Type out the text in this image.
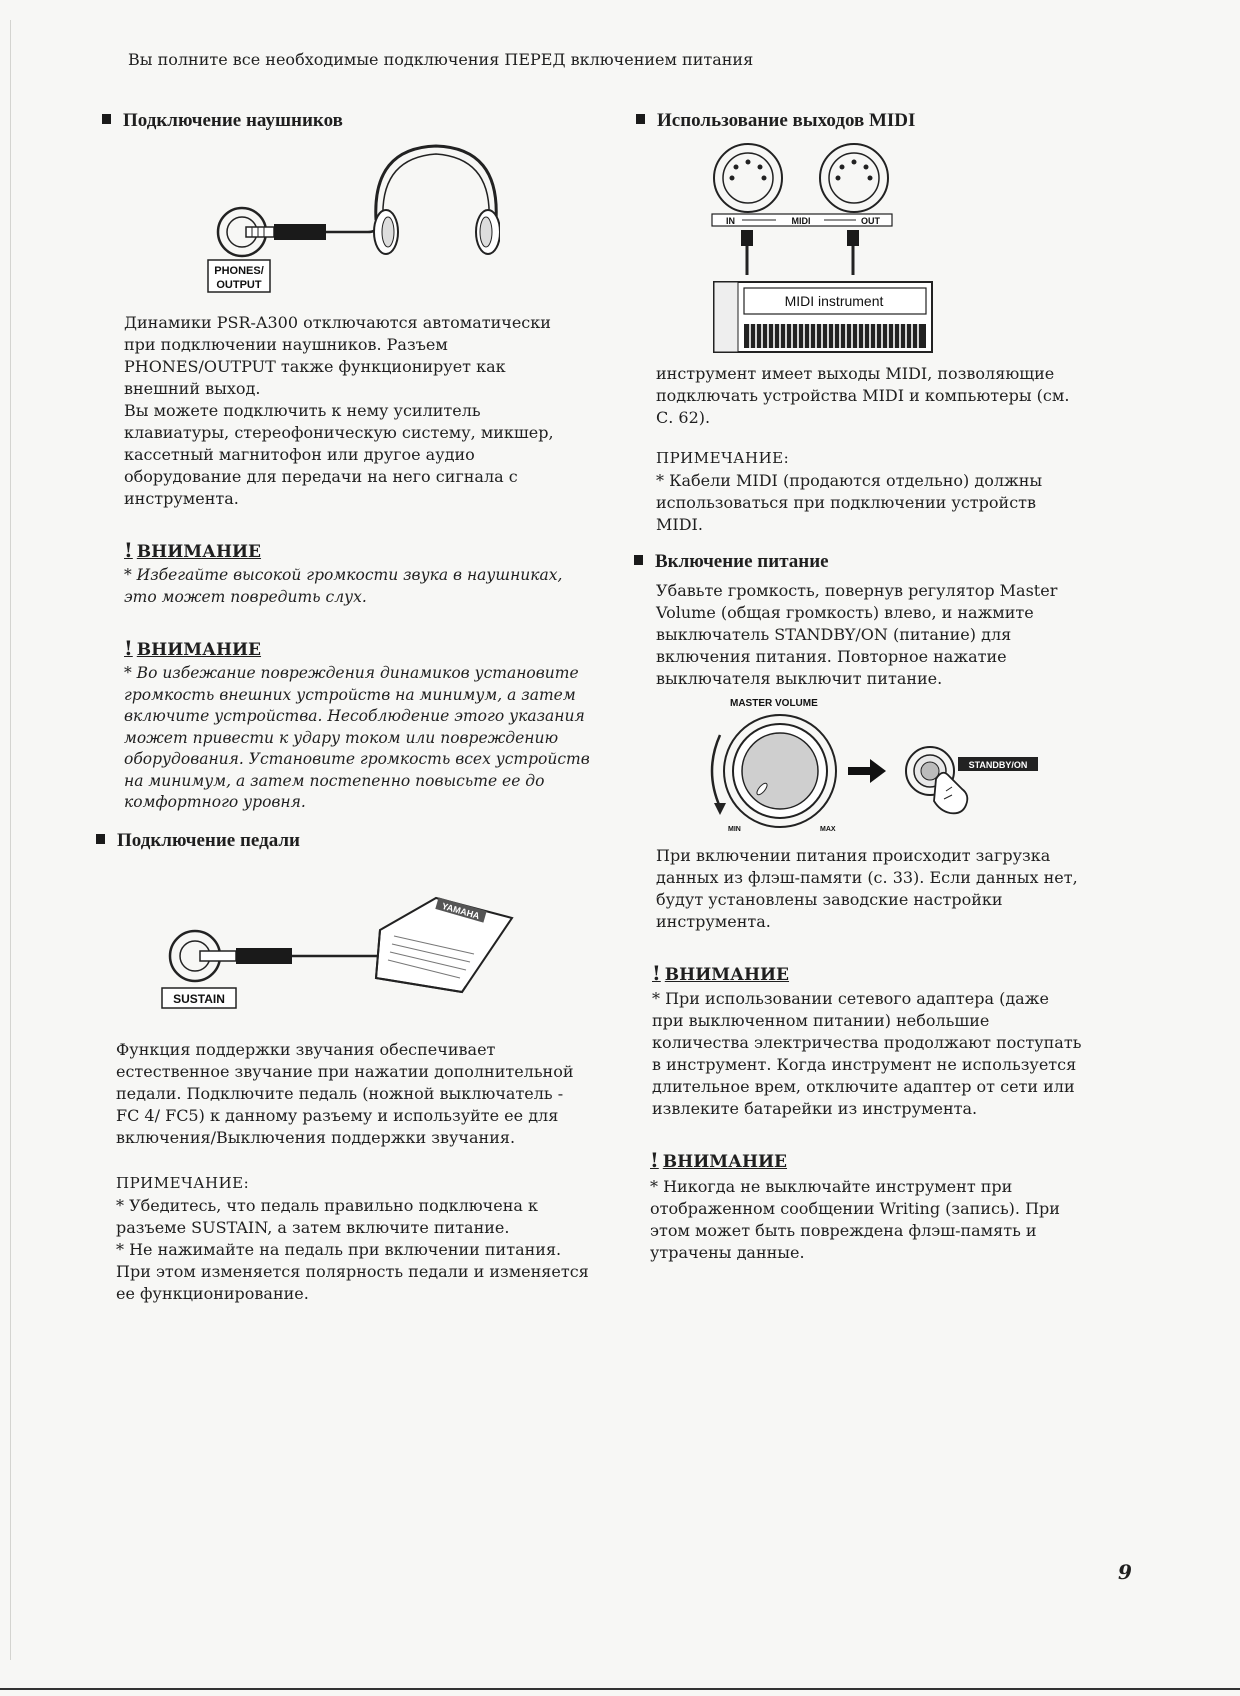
Вы полните все необходимые подключения ПЕРЕД включением питания
Подключение наушников
PHONES/
OUTPUT
Динамики PSR-A300 отключаются автоматически
при подключении наушников. Разъем
PHONES/OUTPUT также функционирует как
внешний выход.
Вы можете подключить к нему усилитель
клавиатуры, стереофоническую систему, микшер,
кассетный магнитофон или другое аудио
оборудование для передачи на него сигнала с
инструмента.
! ВНИМАНИЕ
* Избегайте высокой громкости звука в наушниках,
это может повредить слух.
! ВНИМАНИЕ
* Во избежание повреждения динамиков установите
громкость внешних устройств на минимум, а затем
включите устройства. Несоблюдение этого указания
может привести к удару током или повреждению
оборудования. Установите громкость всех устройств
на минимум, а затем постепенно повысьте ее до
комфортного уровня.
Подключение педали
YAMAHA
SUSTAIN
Функция поддержки звучания обеспечивает
естественное звучание при нажатии дополнительной
педали. Подключите педаль (ножной выключатель -
FC 4/ FC5) к данному разъему и используйте ее для
включения/Выключения поддержки звучания.
ПРИМЕЧАНИЕ:
* Убедитесь, что педаль правильно подключена к
разъеме SUSTAIN, а затем включите питание.
* Не нажимайте на педаль при включении питания.
При этом изменяется полярность педали и изменяется
ее функционирование.
Использование выходов MIDI
IN	MIDI	OUT
MIDI instrument
инструмент имеет выходы MIDI, позволяющие
подключать устройства MIDI и компьютеры (см.
С. 62).
ПРИМЕЧАНИЕ:
* Кабели MIDI (продаются отдельно) должны
использоваться при подключении устройств
MIDI.
Включение питание
Убавьте громкость, повернув регулятор Master
Volume (общая громкость) влево, и нажмите
выключатель STANDBY/ON (питание) для
включения питания. Повторное нажатие
выключателя выключит питание.
MASTER VOLUME
MIN	MAX
STANDBY/ON
При включении питания происходит загрузка
данных из флэш-памяти (с. 33). Если данных нет,
будут установлены заводские настройки
инструмента.
! ВНИМАНИЕ
* При использовании сетевого адаптера (даже
при выключенном питании) небольшие
количества электричества продолжают поступать
в инструмент. Когда инструмент не используется
длительное врем, отключите адаптер от сети или
извлеките батарейки из инструмента.
! ВНИМАНИЕ
* Никогда не выключайте инструмент при
отображенном сообщении Writing (запись). При
этом может быть повреждена флэш-память и
утрачены данные.
9
